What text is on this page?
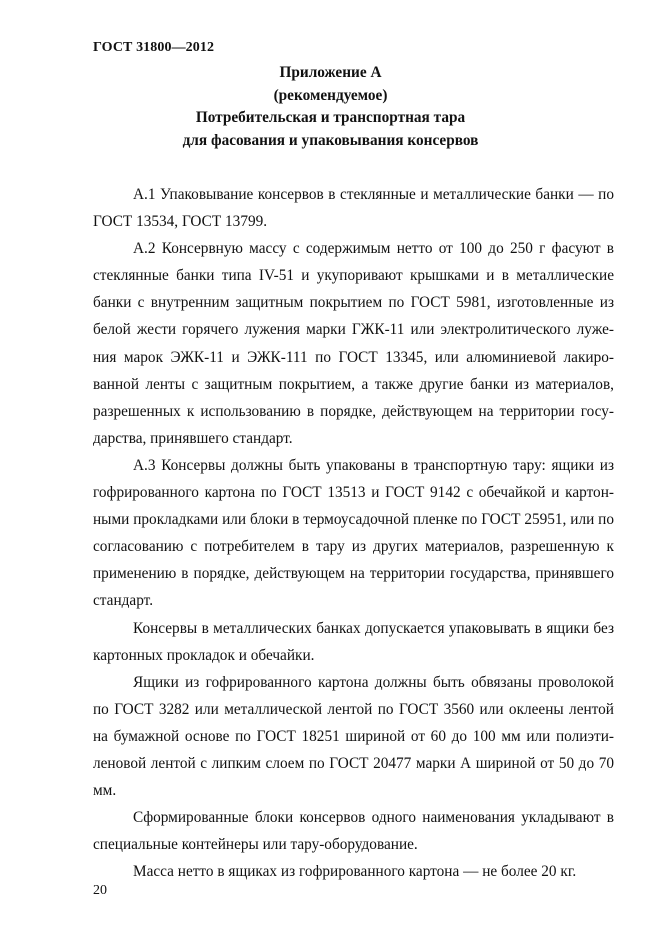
ГОСТ 31800—2012
Приложение А
(рекомендуемое)
Потребительская и транспортная тара
для фасования и упаковывания консервов

А.1 Упаковывание консервов в стеклянные и металлические банки — по ГОСТ 13534, ГОСТ 13799.

А.2 Консервную массу с содержимым нетто от 100 до 250 г фасуют в стеклянные банки типа IV-51 и укупоривают крышками и в металлические банки с внутренним защитным покрытием по ГОСТ 5981, изготовленные из белой жести горячего лужения марки ГЖК-11 или электролитического лужения марок ЭЖК-11 и ЭЖК-111 по ГОСТ 13345, или алюминиевой лакированной ленты с защитным покрытием, а также другие банки из материалов, разрешенных к использованию в порядке, действующем на территории государства, принявшего стандарт.

А.3 Консервы должны быть упакованы в транспортную тару: ящики из гофрированного картона по ГОСТ 13513 и ГОСТ 9142 с обечайкой и картонными прокладками или блоки в термоусадочной пленке по ГОСТ 25951, или по согласованию с потребителем в тару из других материалов, разрешенную к применению в порядке, действующем на территории государства, принявшего стандарт.

Консервы в металлических банках допускается упаковывать в ящики без картонных прокладок и обечайки.

Ящики из гофрированного картона должны быть обвязаны проволокой по ГОСТ 3282 или металлической лентой по ГОСТ 3560 или оклеены лентой на бумажной основе по ГОСТ 18251 шириной от 60 до 100 мм или полиэтиленовой лентой с липким слоем по ГОСТ 20477 марки А шириной от 50 до 70 мм.

Сформированные блоки консервов одного наименования укладывают в специальные контейнеры или тару-оборудование.

Масса нетто в ящиках из гофрированного картона — не более 20 кг.

20
